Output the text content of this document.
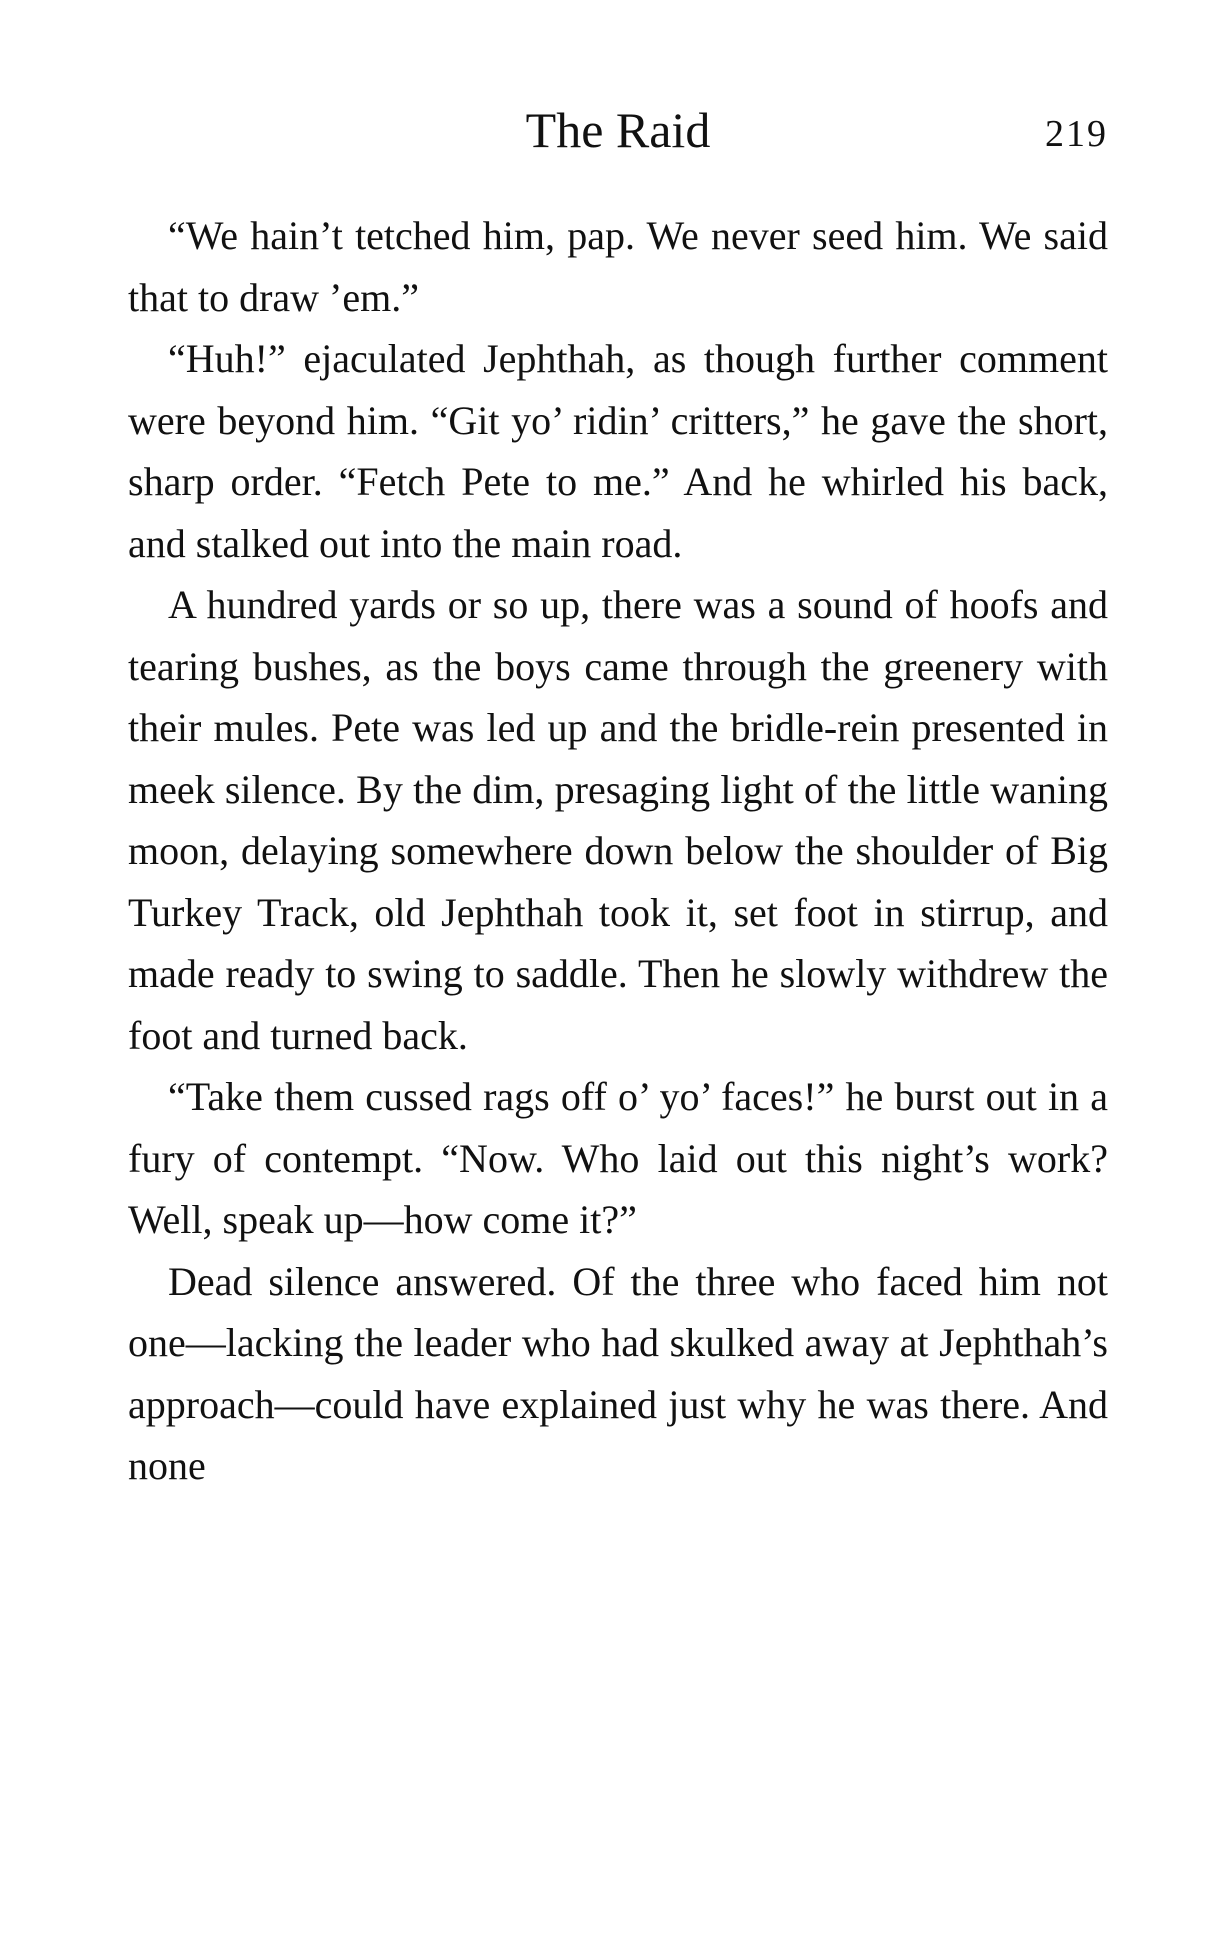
The Raid	219

“We hain’t tetched him, pap. We never seed him. We said that to draw ’em.”

“Huh!” ejaculated Jephthah, as though further comment were beyond him. “Git yo’ ridin’ critters,” he gave the short, sharp order. “Fetch Pete to me.” And he whirled his back, and stalked out into the main road.

A hundred yards or so up, there was a sound of hoofs and tearing bushes, as the boys came through the greenery with their mules. Pete was led up and the bridle-rein presented in meek silence. By the dim, presaging light of the little waning moon, delaying somewhere down below the shoulder of Big Turkey Track, old Jephthah took it, set foot in stirrup, and made ready to swing to saddle. Then he slowly withdrew the foot and turned back.

“Take them cussed rags off o’ yo’ faces!” he burst out in a fury of contempt. “Now. Who laid out this night’s work? Well, speak up—how come it?”

Dead silence answered. Of the three who faced him not one—lacking the leader who had skulked away at Jephthah’s approach—could have explained just why he was there. And none
